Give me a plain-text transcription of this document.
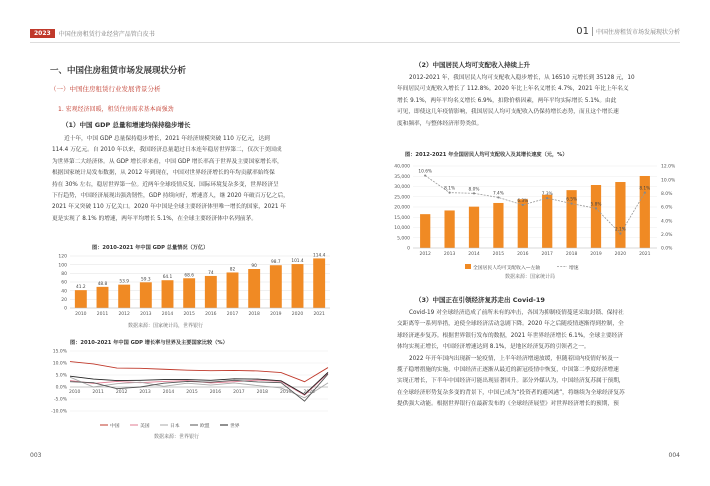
2023	中国住房租赁行业经营产品管白皮书
一、中国住房租赁市场发展现状分析
（一）中国住房租赁行业发展背景分析
1. 宏观经济回暖，租赁住房需求基本面强劲
（1）中国 GDP 总量和增速均保持稳步增长
近十年，中国 GDP 总量保持稳步增长，2021 年经济规模突破 110 万亿元，达到
114.4 万亿元。自 2010 年以来，我国经济总量超过日本连年稳居世界第二，仅次于美国成
为世界第二大经济体。从 GDP 增长率来看，中国 GDP 增长率高于世界及主要国家增长率，
根据国家统计局发布数据，从 2012 年到现在，中国对世界经济增长的年均贡献率始终保
持在 30% 左右，稳居世界第一位。近两年全球疫情反复、国际环境复杂多变，世界经济呈
下行趋势，中国经济展现出强劲韧性，GDP 持续向好，增速喜人，继 2020 年破百万亿之后，
2021 年又突破 110 万亿关口。2020 年中国是全球主要经济体里唯一增长的国家，2021 年
更是实现了 8.1% 的增速，两年平均增长 5.1%，在全球主要经济体中名列前茅。
图：2010-2021 年中国 GDP 总量情况（万亿）
0
20
40
60
80
100
120
41.2
2010
48.8
2011
53.9
2012
59.3
2013
64.1
2014
68.6
2015
74
2016
82
2017
90
2018
98.7
2019
101.4
2020
114.4
2021
数据来源：国家统计局，世界银行
图：2010-2021 年中国 GDP 增长率与世界及主要国家比较（%）
15.0%
10.0%
5.0%
0.0%
-5.0%
-10.0%
2010	2011	2012	2013	2014	2015	2016	2017	2018	2019	2020
中国	美国	日本	欧盟	世界
数据来源：世界银行
003
01 中国住房租赁市场发展现状分析
（2）中国居民人均可支配收入持续上升
2012-2021 年，我国居民人均可支配收入稳步增长，从 16510 元增长到 35128 元，10
年间居民可支配收入增长了 112.8%。2020 年比上年名义增长 4.7%，2021 年比上年名义
增长 9.1%，两年平均名义增长 6.9%，扣除价格因素，两年平均实际增长 5.1%。由此
可见，即使这几年疫情影响，我国居民人均可支配收入仍保持增长态势，而且这个增长速
度和频率，与整体经济形势类似。
图：2012-2021 年全国居民人均可支配收入及其增长速度（元，%）
0
5,000
10,000
15,000
20,000
25,000
30,000
35,000
40,000
0.0%
2.0%
4.0%
6.0%
8.0%
10.0%
12.0%
2012	2013	2014	2015	2016	2017	2018	2019	2020	2021
10.6%
8.1%	8.0%
7.4%
6.3%
7.3%
6.5%
5.8%
2.1%
8.1%
全国居民人均可支配收入—左轴	增速
数据来源：国家统计局
（3）中国正在引领经济复苏走出 Covid-19
Covid-19 对全球经济造成了前所未有的冲击，各国为抑制疫情蔓延采取封锁、保持社
交距离等一系列举措，迫使全球经济活动急剧下降。2020 年之后随疫情逐渐得到控制，全
球经济逐步复苏。根据世界银行发布的数据，2021 年世界经济增长 6.1%，全球主要经济
体均实现正增长，中国经济增速达到 8.1%，是地区经济复苏的引领者之一。
2022 年开年国内出现新一轮疫情，上半年经济增速放缓，但随着国内疫情好转及一
揽子稳增措施的实施，中国经济正逐渐从最近的新冠疫情中恢复，中国第二季度经济增速
实现正增长，下半年中国经济可能出现显著回升。部分外媒认为，中国经济复苏属于预期，
在全球经济形势复杂多变的背景下，中国已成为“投资者的避风港”，将继续为全球经济复苏
提供强大动能。根据世界银行在最新发布的《全球经济展望》对世界经济增长的预期，预
004
